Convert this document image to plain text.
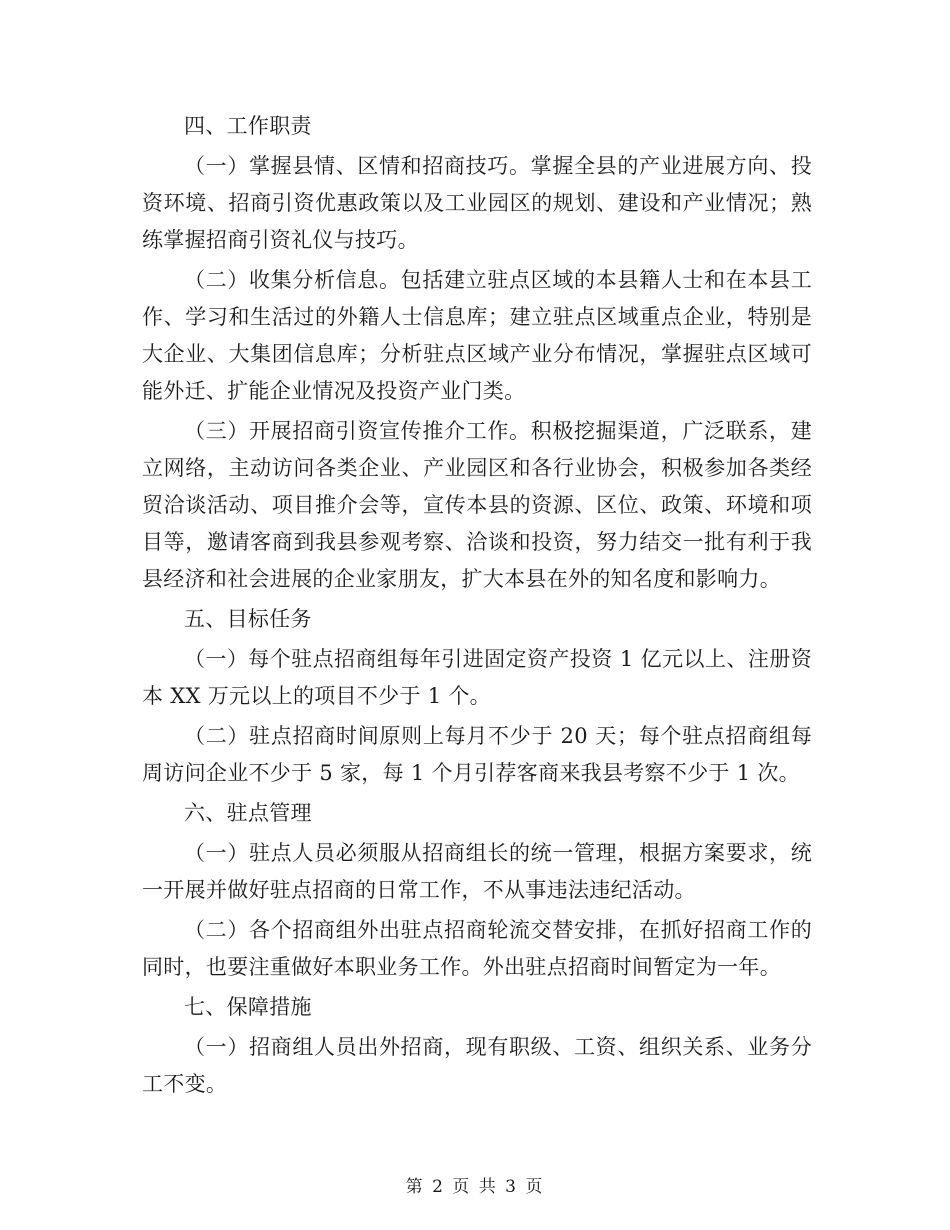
四、工作职责

（一）掌握县情、区情和招商技巧。掌握全县的产业进展方向、投资环境、招商引资优惠政策以及工业园区的规划、建设和产业情况；熟练掌握招商引资礼仪与技巧。

（二）收集分析信息。包括建立驻点区域的本县籍人士和在本县工作、学习和生活过的外籍人士信息库；建立驻点区域重点企业，特别是大企业、大集团信息库；分析驻点区域产业分布情况，掌握驻点区域可能外迁、扩能企业情况及投资产业门类。

（三）开展招商引资宣传推介工作。积极挖掘渠道，广泛联系，建立网络，主动访问各类企业、产业园区和各行业协会，积极参加各类经贸洽谈活动、项目推介会等，宣传本县的资源、区位、政策、环境和项目等，邀请客商到我县参观考察、洽谈和投资，努力结交一批有利于我县经济和社会进展的企业家朋友，扩大本县在外的知名度和影响力。

五、目标任务

（一）每个驻点招商组每年引进固定资产投资 1 亿元以上、注册资本 XX 万元以上的项目不少于 1 个。

（二）驻点招商时间原则上每月不少于 20 天；每个驻点招商组每周访问企业不少于 5 家，每 1 个月引荐客商来我县考察不少于 1 次。

六、驻点管理

（一）驻点人员必须服从招商组长的统一管理，根据方案要求，统一开展并做好驻点招商的日常工作，不从事违法违纪活动。

（二）各个招商组外出驻点招商轮流交替安排，在抓好招商工作的同时，也要注重做好本职业务工作。外出驻点招商时间暂定为一年。

七、保障措施

（一）招商组人员出外招商，现有职级、工资、组织关系、业务分工不变。

第 2 页 共 3 页
